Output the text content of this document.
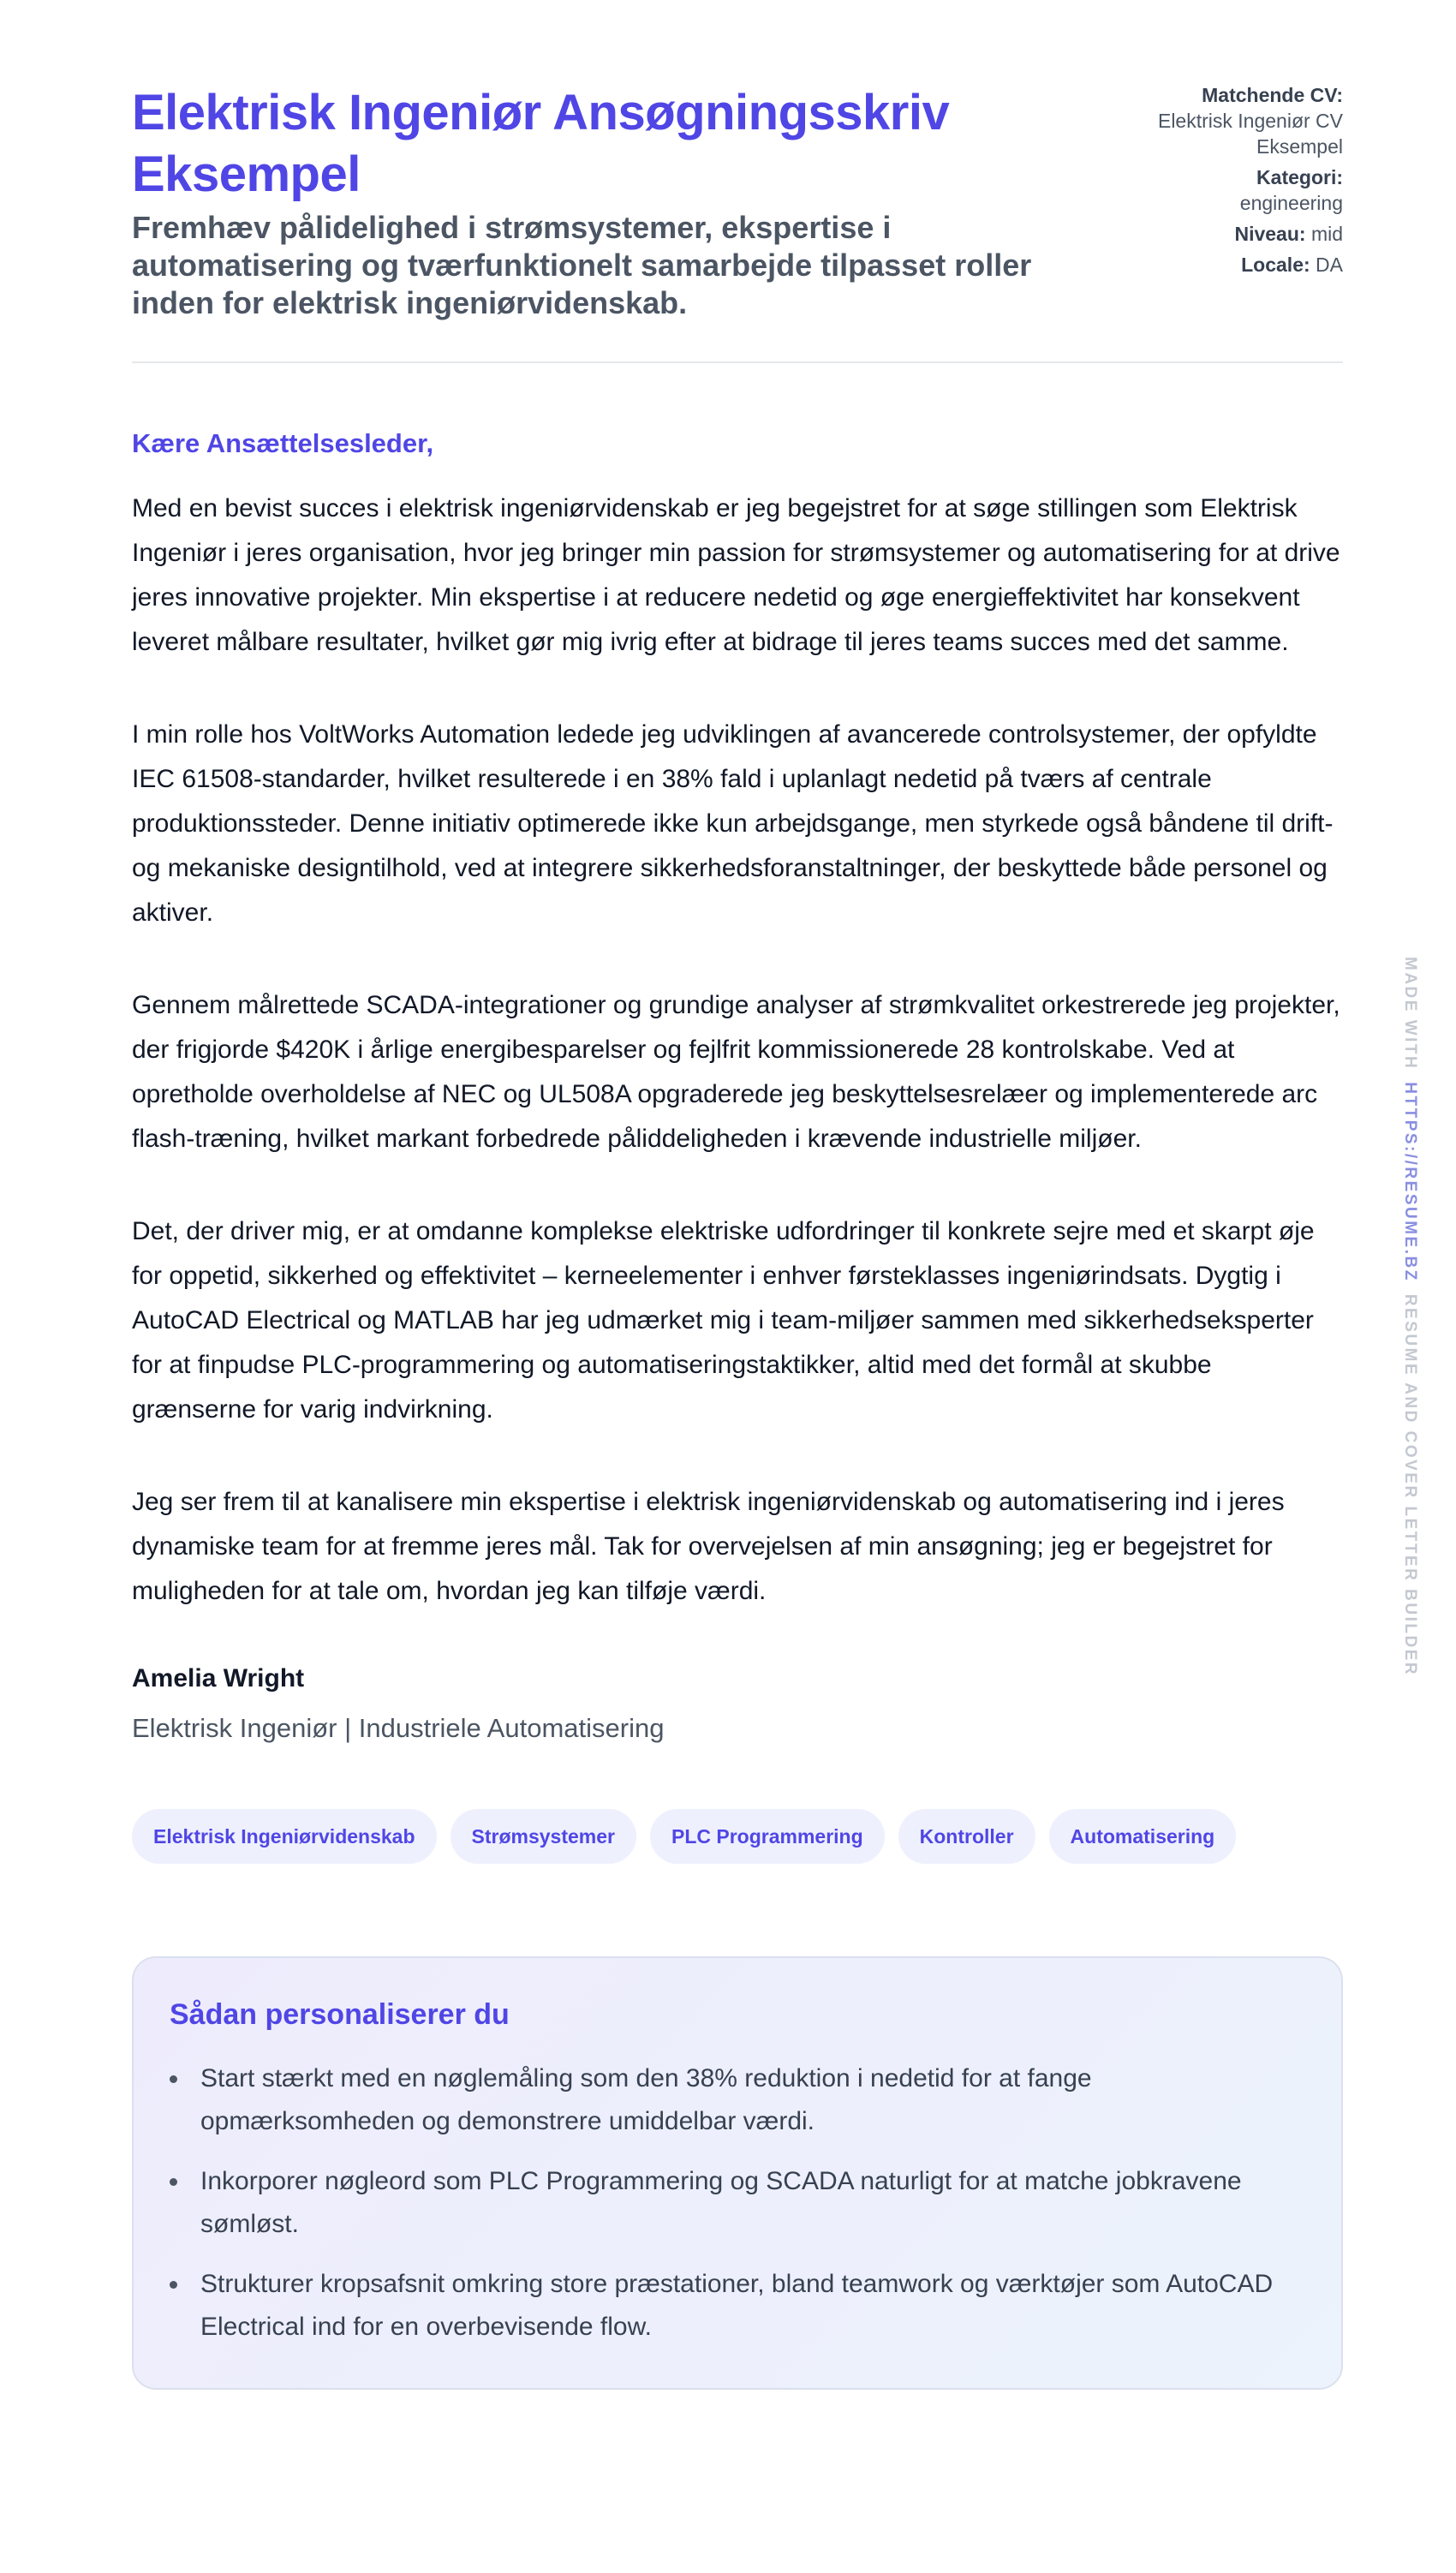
Elektrisk Ingeniør Ansøgningsskriv Eksempel
Fremhæv pålidelighed i strømsystemer, ekspertise i automatisering og tværfunktionelt samarbejde tilpasset roller inden for elektrisk ingeniørvidenskab.
Matchende CV:
Elektrisk Ingeniør CV Eksempel
Kategori:
engineering
Niveau: mid
Locale: DA
Kære Ansættelsesleder,

Med en bevist succes i elektrisk ingeniørvidenskab er jeg begejstret for at søge stillingen som Elektrisk Ingeniør i jeres organisation, hvor jeg bringer min passion for strømsystemer og automatisering for at drive jeres innovative projekter. Min ekspertise i at reducere nedetid og øge energieffektivitet har konsekvent leveret målbare resultater, hvilket gør mig ivrig efter at bidrage til jeres teams succes med det samme.

I min rolle hos VoltWorks Automation ledede jeg udviklingen af avancerede controlsystemer, der opfyldte IEC 61508-standarder, hvilket resulterede i en 38% fald i uplanlagt nedetid på tværs af centrale produktionssteder. Denne initiativ optimerede ikke kun arbejdsgange, men styrkede også båndene til drift- og mekaniske designtilhold, ved at integrere sikkerhedsforanstaltninger, der beskyttede både personel og aktiver.

Gennem målrettede SCADA-integrationer og grundige analyser af strømkvalitet orkestrerede jeg projekter, der frigjorde $420K i årlige energibesparelser og fejlfrit kommissionerede 28 kontrolskabe. Ved at opretholde overholdelse af NEC og UL508A opgraderede jeg beskyttelsesrelæer og implementerede arc flash-træning, hvilket markant forbedrede påliddeligheden i krævende industrielle miljøer.

Det, der driver mig, er at omdanne komplekse elektriske udfordringer til konkrete sejre med et skarpt øje for oppetid, sikkerhed og effektivitet – kerneelementer i enhver førsteklasses ingeniørindsats. Dygtig i AutoCAD Electrical og MATLAB har jeg udmærket mig i team-miljøer sammen med sikkerhedseksperter for at finpudse PLC-programmering og automatiseringstaktikker, altid med det formål at skubbe grænserne for varig indvirkning.

Jeg ser frem til at kanalisere min ekspertise i elektrisk ingeniørvidenskab og automatisering ind i jeres dynamiske team for at fremme jeres mål. Tak for overvejelsen af min ansøgning; jeg er begejstret for muligheden for at tale om, hvordan jeg kan tilføje værdi.

Amelia Wright
Elektrisk Ingeniør | Industriele Automatisering
Elektrisk Ingeniørvidenskab	Strømsystemer	PLC Programmering	Kontroller	Automatisering
Sådan personaliserer du
Start stærkt med en nøglemåling som den 38% reduktion i nedetid for at fange opmærksomheden og demonstrere umiddelbar værdi.
Inkorporer nøgleord som PLC Programmering og SCADA naturligt for at matche jobkravene sømløst.
Strukturer kropsafsnit omkring store præstationer, bland teamwork og værktøjer som AutoCAD Electrical ind for en overbevisende flow.
MADE WITH
HTTPS://RESUME.BZ
RESUME AND COVER LETTER BUILDER
